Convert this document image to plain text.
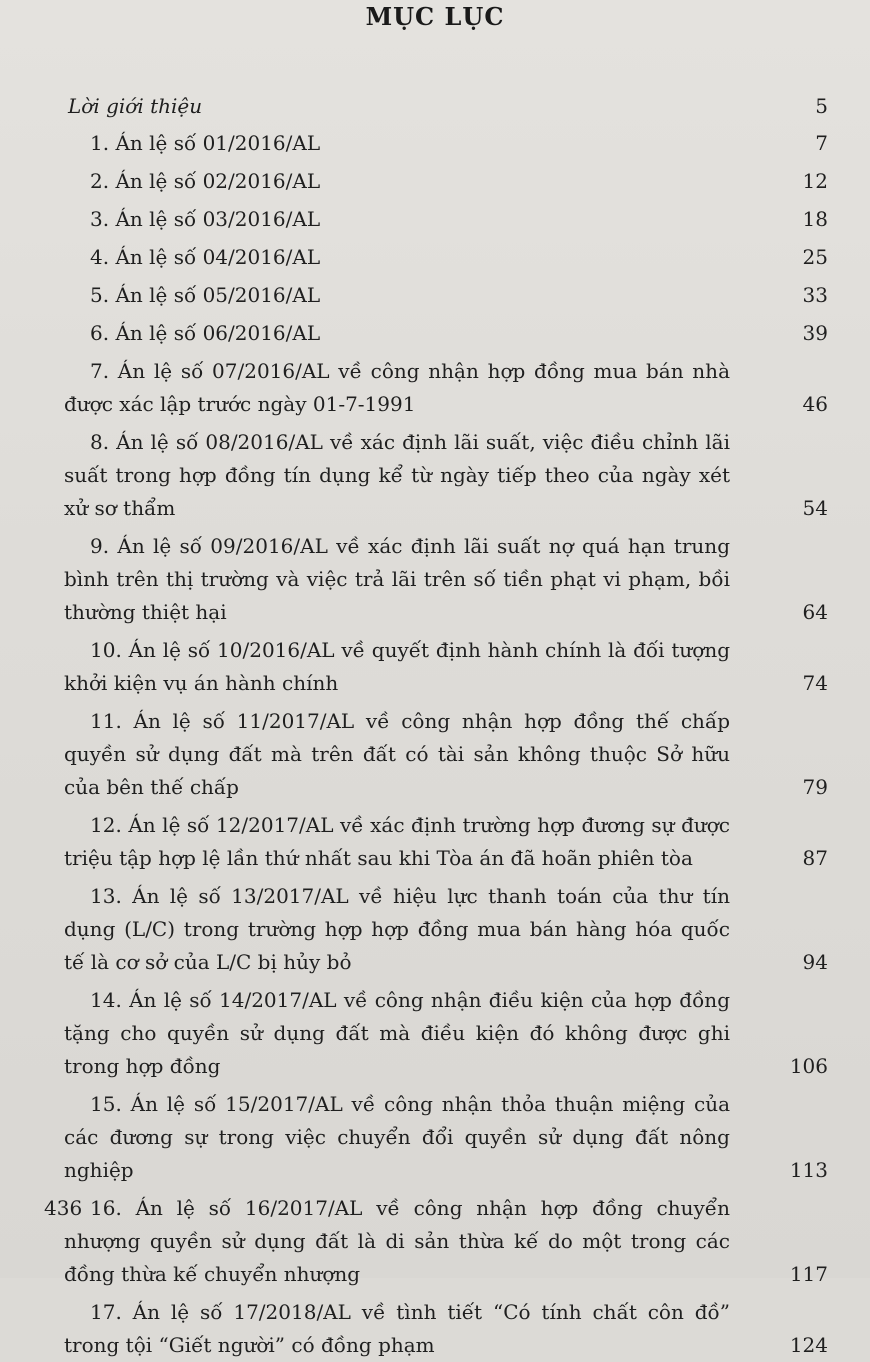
MỤC LỤC
Lời giới thiệu	5
1. Án lệ số 01/2016/AL	7
2. Án lệ số 02/2016/AL	12
3. Án lệ số 03/2016/AL	18
4. Án lệ số 04/2016/AL	25
5. Án lệ số 05/2016/AL	33
6. Án lệ số 06/2016/AL	39
7. Án lệ số 07/2016/AL về công nhận hợp đồng mua bán nhà được xác lập trước ngày 01-7-1991	46
8. Án lệ số 08/2016/AL về xác định lãi suất, việc điều chỉnh lãi suất trong hợp đồng tín dụng kể từ ngày tiếp theo của ngày xét xử sơ thẩm	54
9. Án lệ số 09/2016/AL về xác định lãi suất nợ quá hạn trung bình trên thị trường và việc trả lãi trên số tiền phạt vi phạm, bồi thường thiệt hại	64
10. Án lệ số 10/2016/AL về quyết định hành chính là đối tượng khởi kiện vụ án hành chính	74
11. Án lệ số 11/2017/AL về công nhận hợp đồng thế chấp quyền sử dụng đất mà trên đất có tài sản không thuộc Sở hữu của bên thế chấp	79
12. Án lệ số 12/2017/AL về xác định trường hợp đương sự được triệu tập hợp lệ lần thứ nhất sau khi Tòa án đã hoãn phiên tòa	87
13. Án lệ số 13/2017/AL về hiệu lực thanh toán của thư tín dụng (L/C) trong trường hợp hợp đồng mua bán hàng hóa quốc tế là cơ sở của L/C bị hủy bỏ	94
14. Án lệ số 14/2017/AL về công nhận điều kiện của hợp đồng tặng cho quyền sử dụng đất mà điều kiện đó không được ghi trong hợp đồng	106
15. Án lệ số 15/2017/AL về công nhận thỏa thuận miệng của các đương sự trong việc chuyển đổi quyền sử dụng đất nông nghiệp	113
16. Án lệ số 16/2017/AL về công nhận hợp đồng chuyển nhượng quyền sử dụng đất là di sản thừa kế do một trong các đồng thừa kế chuyển nhượng	117
17. Án lệ số 17/2018/AL về tình tiết “Có tính chất côn đồ” trong tội “Giết người” có đồng phạm	124
436
